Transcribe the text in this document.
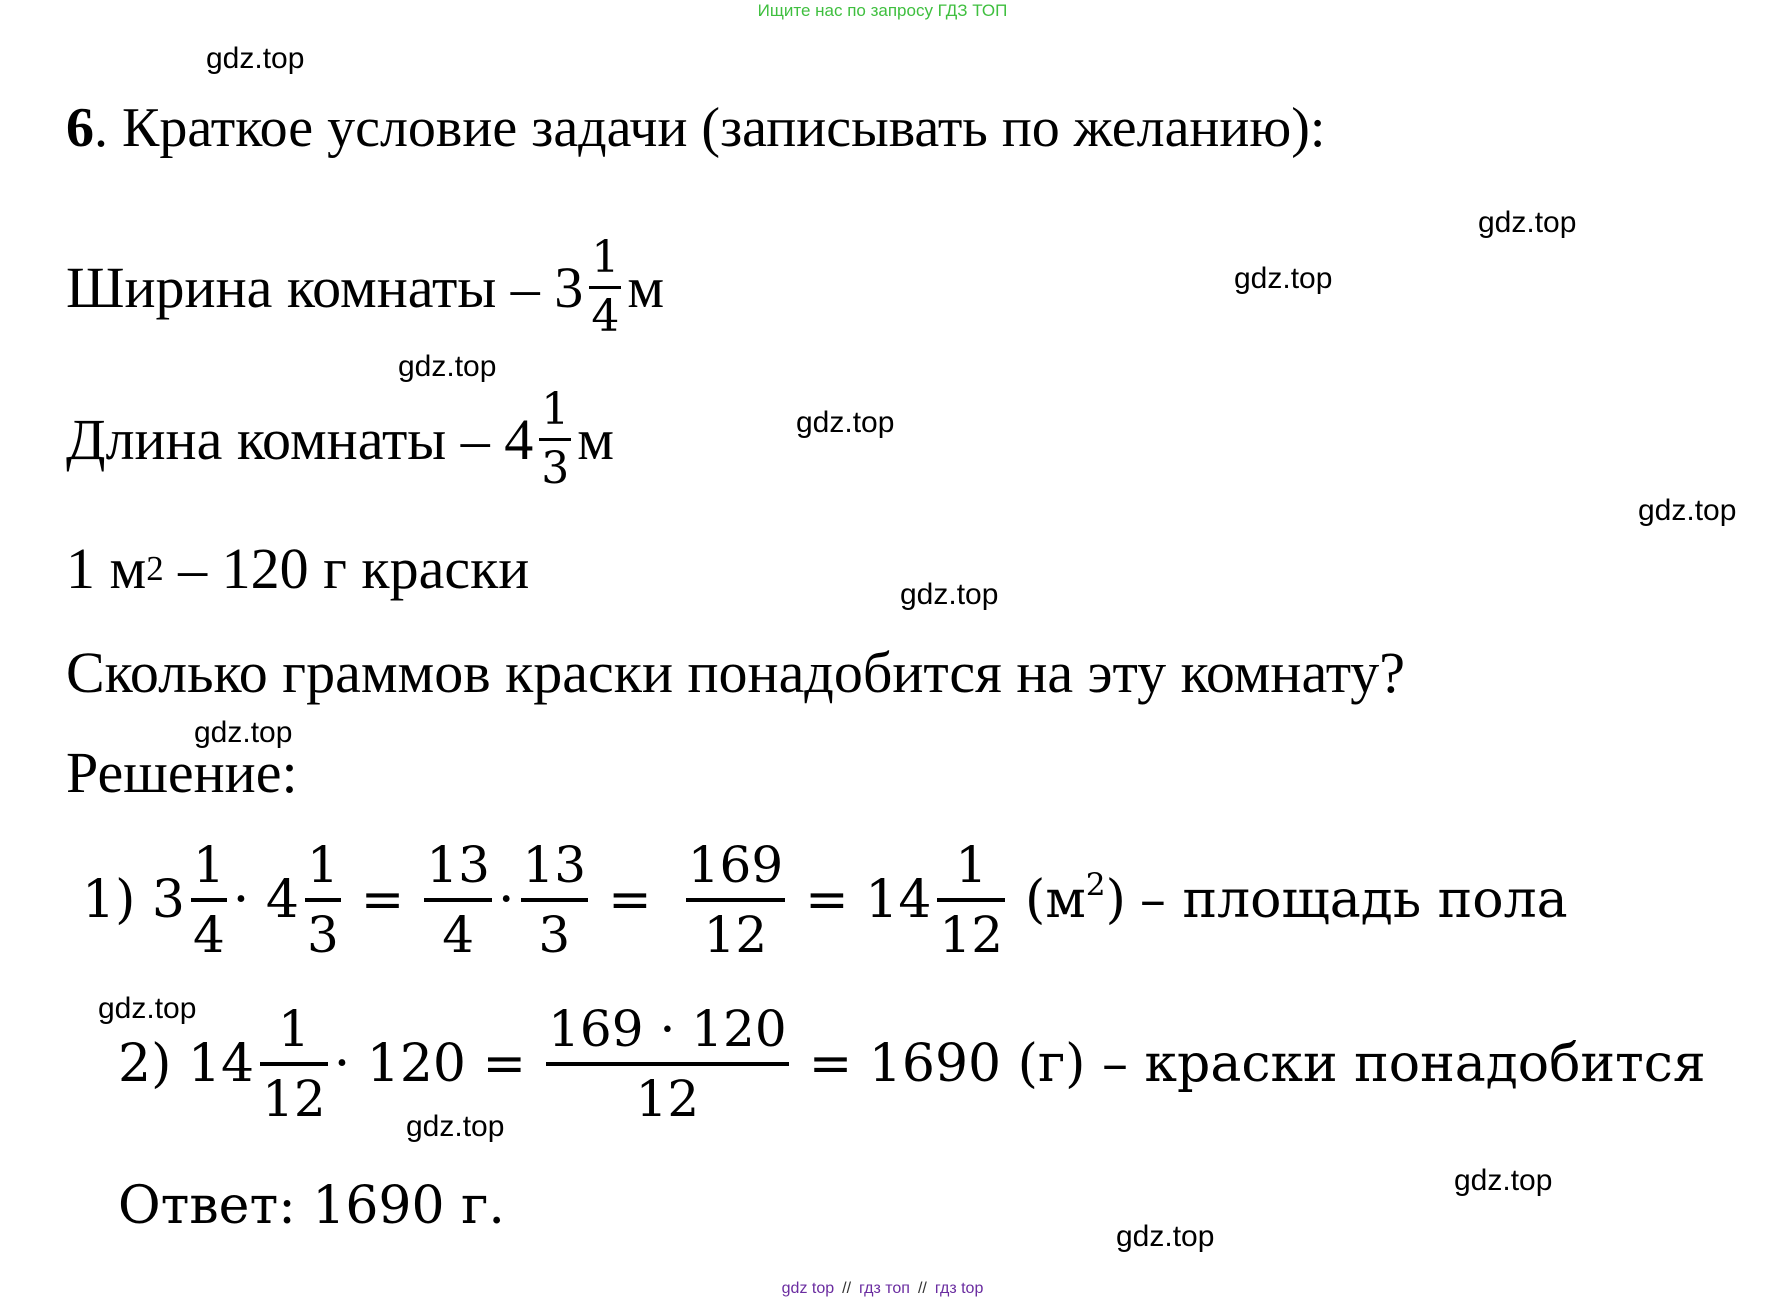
Ищите нас по запросу ГДЗ ТОП
gdz.top
gdz.top
gdz.top
gdz.top
gdz.top
gdz.top
gdz.top
gdz.top
gdz.top
gdz.top
gdz.top
gdz.top
6. Краткое условие задачи (записывать по желанию):
Ширина комнаты – $3 \frac{1}{4}$ м
Длина комнаты – $4 \frac{1}{3}$ м
1 м 2
– 120 г краски
Сколько граммов краски понадобится на эту комнату?
Решение:
1) $3 \frac{1}{4} \cdot 4 \frac{1}{3} = \frac{13}{4} \cdot \frac{13}{3} = \frac{169}{12} = 14 \frac{1}{12} (м^2)$ – площадь пола
2) $14 \frac{1}{12} \cdot 120 = \frac{169 \cdot 120}{12} = 1690$ (г) – краски понадобится
Ответ: 1690 г.
gdz top // гдз топ // гдз top
